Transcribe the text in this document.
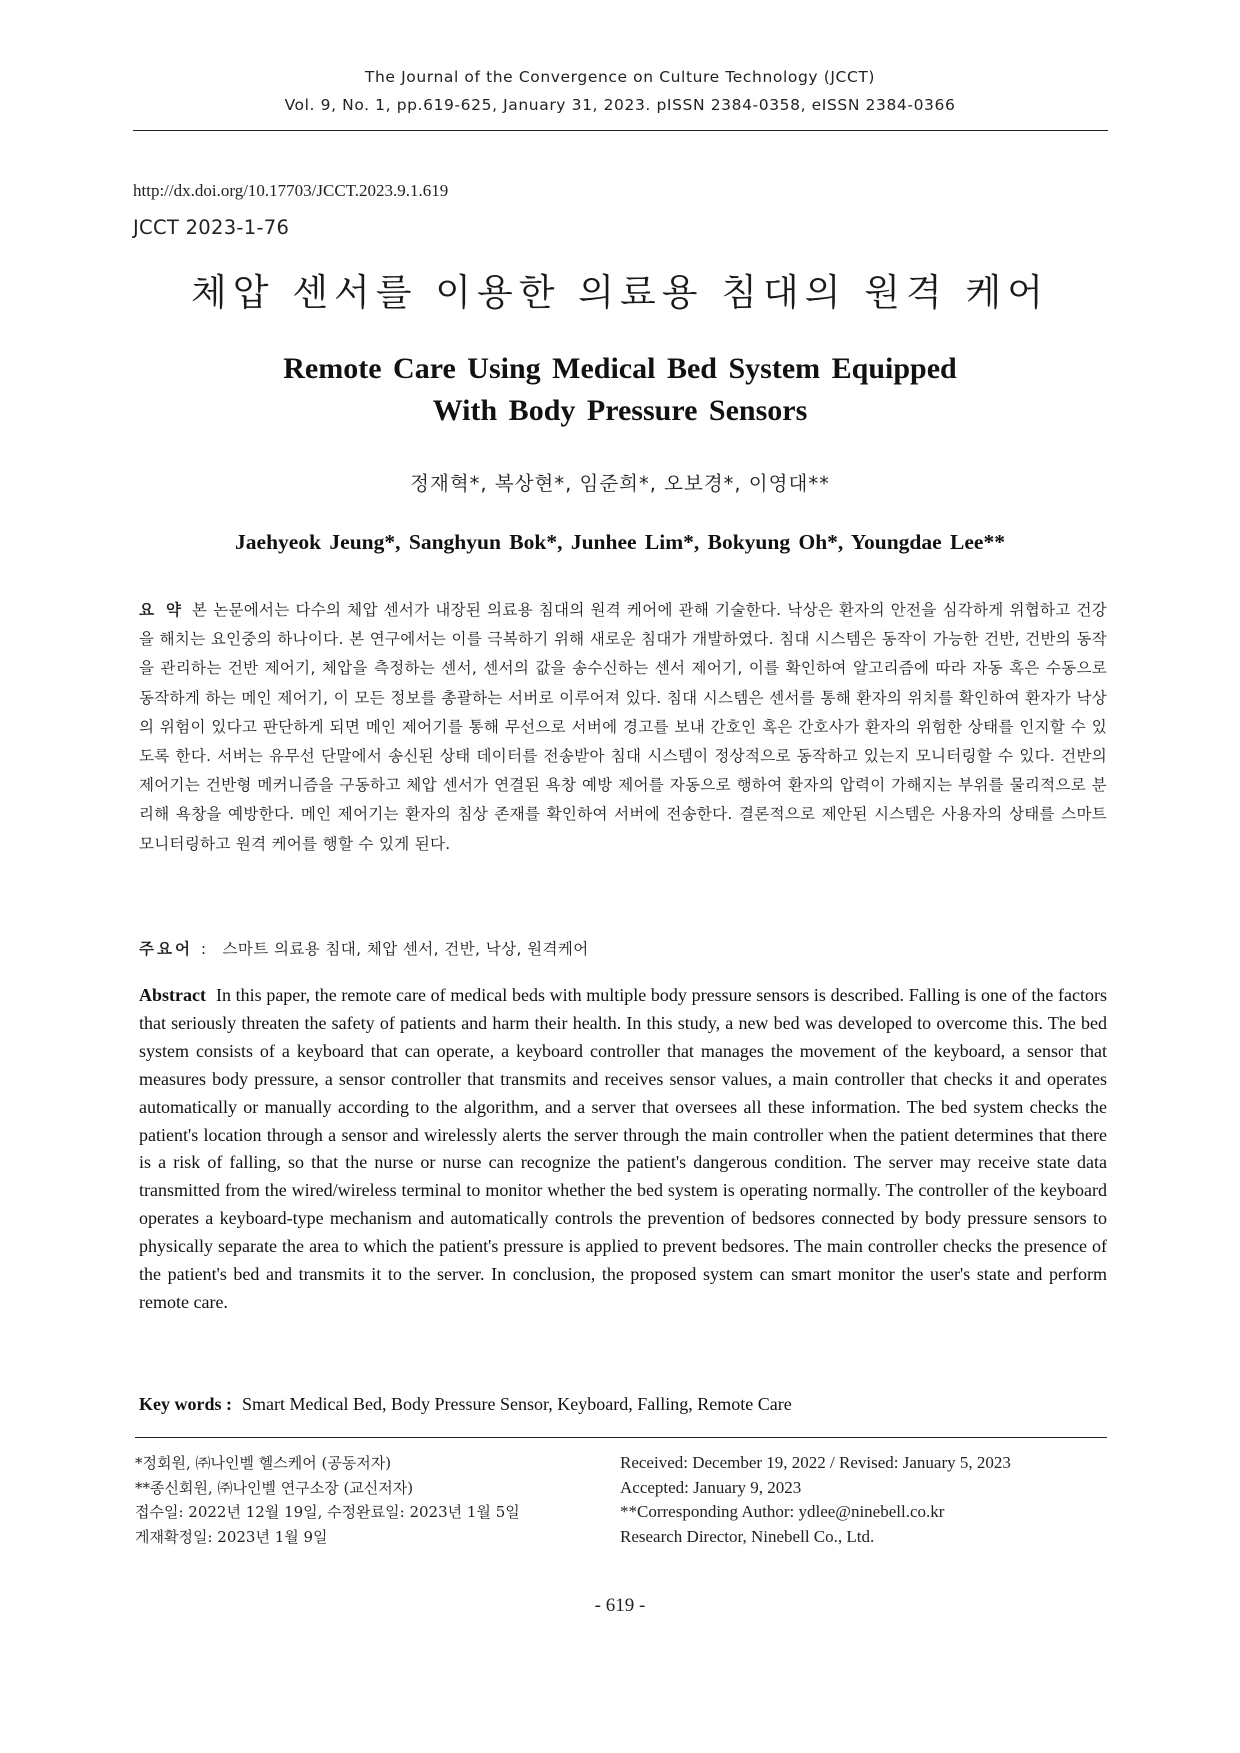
The Journal of the Convergence on Culture Technology (JCCT)
Vol. 9, No. 1, pp.619-625, January 31, 2023. pISSN 2384-0358, eISSN 2384-0366
http://dx.doi.org/10.17703/JCCT.2023.9.1.619
JCCT 2023-1-76
체압 센서를 이용한 의료용 침대의 원격 케어
Remote Care Using Medical Bed System Equipped
With Body Pressure Sensors
정재혁*, 복상현*, 임준희*, 오보경*, 이영대**
Jaehyeok Jeung*, Sanghyun Bok*, Junhee Lim*, Bokyung Oh*, Youngdae Lee**
요 약 본 논문에서는 다수의 체압 센서가 내장된 의료용 침대의 원격 케어에 관해 기술한다. 낙상은 환자의 안전을 심각하게 위협하고 건강을 해치는 요인중의 하나이다. 본 연구에서는 이를 극복하기 위해 새로운 침대가 개발하였다. 침대 시스템은 동작이 가능한 건반, 건반의 동작을 관리하는 건반 제어기, 체압을 측정하는 센서, 센서의 값을 송수신하는 센서 제어기, 이를 확인하여 알고리즘에 따라 자동 혹은 수동으로 동작하게 하는 메인 제어기, 이 모든 정보를 총괄하는 서버로 이루어져 있다. 침대 시스템은 센서를 통해 환자의 위치를 확인하여 환자가 낙상의 위험이 있다고 판단하게 되면 메인 제어기를 통해 무선으로 서버에 경고를 보내 간호인 혹은 간호사가 환자의 위험한 상태를 인지할 수 있도록 한다. 서버는 유무선 단말에서 송신된 상태 데이터를 전송받아 침대 시스템이 정상적으로 동작하고 있는지 모니터링할 수 있다. 건반의 제어기는 건반형 메커니즘을 구동하고 체압 센서가 연결된 욕창 예방 제어를 자동으로 행하여 환자의 압력이 가해지는 부위를 물리적으로 분리해 욕창을 예방한다. 메인 제어기는 환자의 침상 존재를 확인하여 서버에 전송한다. 결론적으로 제안된 시스템은 사용자의 상태를 스마트 모니터링하고 원격 케어를 행할 수 있게 된다.
주요어 : 스마트 의료용 침대, 체압 센서, 건반, 낙상, 원격케어
Abstract In this paper, the remote care of medical beds with multiple body pressure sensors is described. Falling is one of the factors that seriously threaten the safety of patients and harm their health. In this study, a new bed was developed to overcome this. The bed system consists of a keyboard that can operate, a keyboard controller that manages the movement of the keyboard, a sensor that measures body pressure, a sensor controller that transmits and receives sensor values, a main controller that checks it and operates automatically or manually according to the algorithm, and a server that oversees all these information. The bed system checks the patient's location through a sensor and wirelessly alerts the server through the main controller when the patient determines that there is a risk of falling, so that the nurse or nurse can recognize the patient's dangerous condition. The server may receive state data transmitted from the wired/wireless terminal to monitor whether the bed system is operating normally. The controller of the keyboard operates a keyboard-type mechanism and automatically controls the prevention of bedsores connected by body pressure sensors to physically separate the area to which the patient's pressure is applied to prevent bedsores. The main controller checks the presence of the patient's bed and transmits it to the server. In conclusion, the proposed system can smart monitor the user's state and perform remote care.
Key words : Smart Medical Bed, Body Pressure Sensor, Keyboard, Falling, Remote Care
*정회원, ㈜나인벨 헬스케어 (공동저자)
**종신회원, ㈜나인벨 연구소장 (교신저자)
접수일: 2022년 12월 19일, 수정완료일: 2023년 1월 5일
게재확정일: 2023년 1월 9일
Received: December 19, 2022 / Revised: January 5, 2023
Accepted: January 9, 2023
**Corresponding Author: ydlee@ninebell.co.kr
Research Director, Ninebell Co., Ltd.
- 619 -
